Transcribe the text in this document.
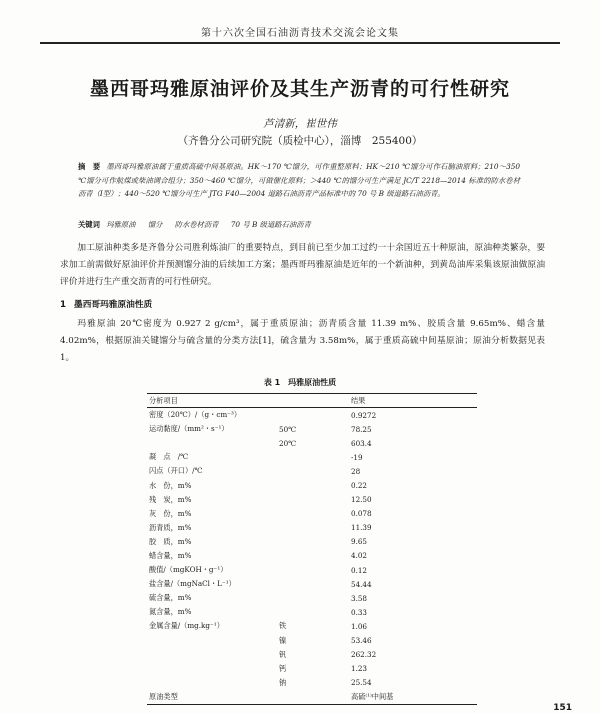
第十六次全国石油沥青技术交流会论文集
墨西哥玛雅原油评价及其生产沥青的可行性研究
芦清新，崔世伟
（齐鲁分公司研究院（质检中心），淄博　255400）
摘　要 墨西哥玛雅原油属于重质高硫中间基原油。HK～170 ℃馏分，可作重整原料；HK～210 ℃馏分可作石脑油原料；210～350 ℃馏分可作航煤或柴油调合组分；350～460 ℃馏分，可做催化原料；＞440 ℃的馏分可生产满足 JC/T 2218—2014 标准的防水卷材沥青（Ⅰ型）；440～520 ℃馏分可生产 JTG F40—2004 道路石油沥青产品标准中的 70 号 B 级道路石油沥青。
关键词 玛雅原油 馏分 防水卷材沥青 70 号 B 级道路石油沥青

加工原油种类多是齐鲁分公司胜利炼油厂的重要特点，到目前已至少加工过约一十余国近五十种原油，原油种类繁杂，要求加工前需做好原油评价并预测馏分油的后续加工方案；墨西哥玛雅原油是近年的一个新油种，到黄岛油库采集该原油做原油评价并进行生产重交沥青的可行性研究。

1 墨西哥玛雅原油性质

玛雅原油 20℃密度为 0.927 2 g/cm³，属于重质原油；沥青质含量 11.39 m%、胶质含量 9.65m%、蜡含量 4.02m%，根据原油关键馏分与硫含量的分类方法[1]，硫含量为 3.58m%，属于重质高硫中间基原油；原油分析数据见表 1。

表 1　玛雅原油性质
分析项目		结果
密度（20℃）/（g・cm⁻³）		0.9272
运动黏度/（mm²・s⁻¹）	50℃	78.25
	20℃	603.4
凝　点　/℃		-19
闪点（开口）/℃		28
水　份，m%		0.22
残　炭，m%		12.50
灰　份，m%		0.078
沥青质，m%		11.39
胶　质，m%		9.65
蜡含量，m%		4.02
酸值/（mgKOH・g⁻¹）		0.12
盐含量/（mgNaCl・L⁻¹）		54.44
硫含量，m%		3.58
氮含量，m%		0.33
金属含量/（mg.kg⁻¹）	铁	1.06
	镍	53.46
	钒	262.32
	钙	1.23
	钠	25.54
原油类型		高硫⁽¹⁾中间基
151
